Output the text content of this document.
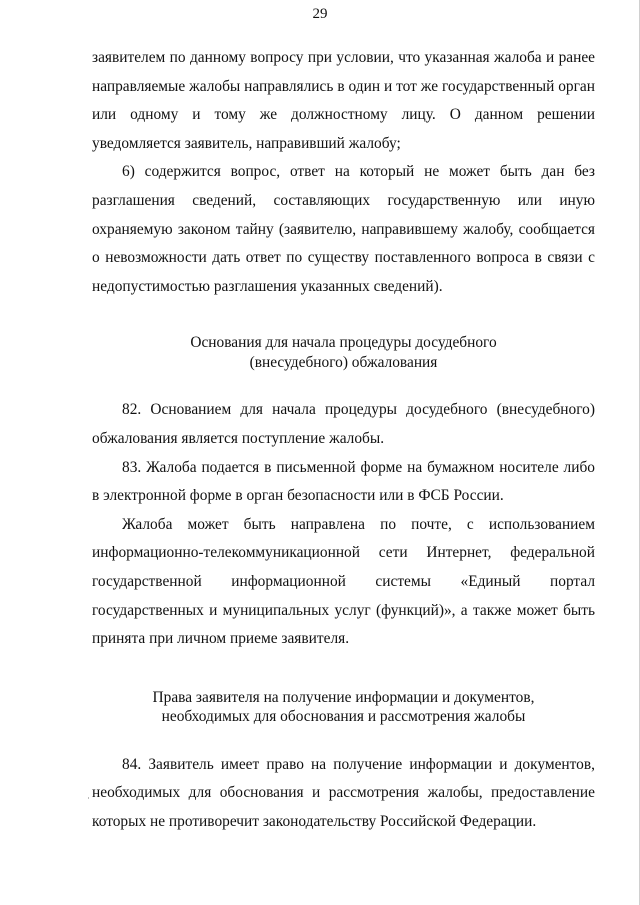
29

заявителем по данному вопросу при условии, что указанная жалоба и ранее направляемые жалобы направлялись в один и тот же государственный орган или одному и тому же должностному лицу. О данном решении уведомляется заявитель, направивший жалобу;

6) содержится вопрос, ответ на который не может быть дан без разглашения сведений, составляющих государственную или иную охраняемую законом тайну (заявителю, направившему жалобу, сообщается о невозможности дать ответ по существу поставленного вопроса в связи с недопустимостью разглашения указанных сведений).

Основания для начала процедуры досудебного
(внесудебного) обжалования

82. Основанием для начала процедуры досудебного (внесудебного) обжалования является поступление жалобы.

83. Жалоба подается в письменной форме на бумажном носителе либо в электронной форме в орган безопасности или в ФСБ России.

Жалоба может быть направлена по почте, с использованием информационно-телекоммуникационной сети Интернет, федеральной государственной информационной системы «Единый портал государственных и муниципальных услуг (функций)», а также может быть принята при личном приеме заявителя.

Права заявителя на получение информации и документов,
необходимых для обоснования и рассмотрения жалобы

84. Заявитель имеет право на получение информации и документов, необходимых для обоснования и рассмотрения жалобы, предоставление которых не противоречит законодательству Российской Федерации.
